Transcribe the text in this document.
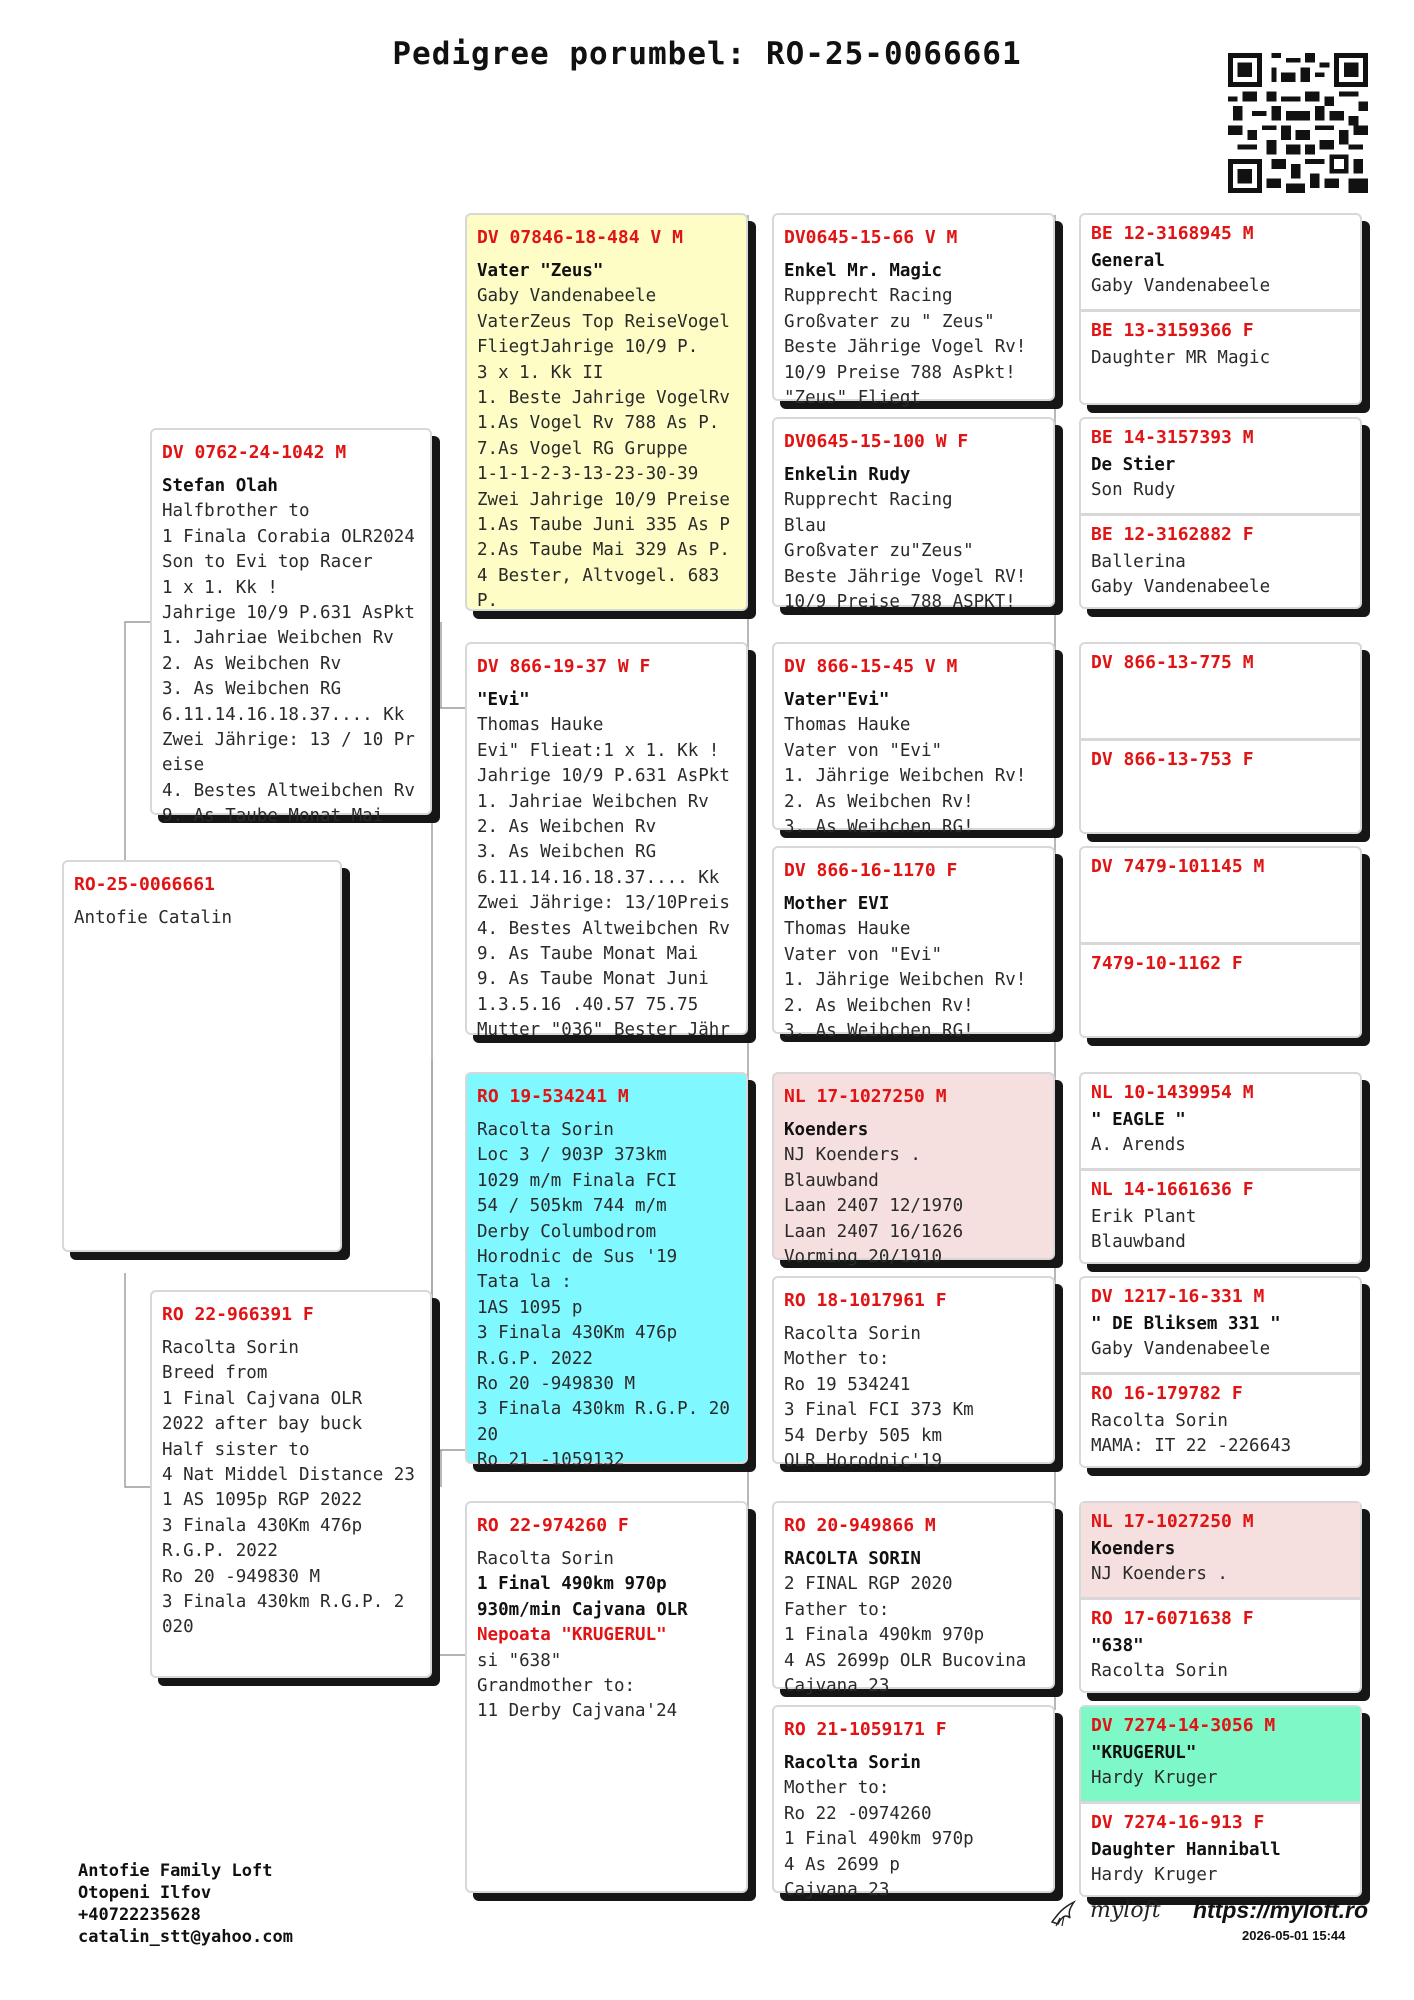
Pedigree porumbel: RO-25-0066661
RO-25-0066661
Antofie Catalin
DV 0762-24-1042 M
Stefan Olah
Halfbrother to
1 Finala Corabia OLR2024
Son to Evi top Racer
1 x 1. Kk !
Jahrige 10/9 P.631 AsPkt
1. Jahriae Weibchen Rv
2. As Weibchen Rv
3. As Weibchen RG
6.11.14.16.18.37.... Kk
Zwei Jährige: 13 / 10 Pr
eise
4. Bestes Altweibchen Rv
9. As Taube Monat Mai
RO 22-966391 F
Racolta Sorin
Breed from
1 Final Cajvana OLR
2022 after bay buck
Half sister to
4 Nat Middel Distance 23
1 AS 1095p RGP 2022
3 Finala 430Km 476p
R.G.P. 2022
Ro 20 -949830 M
3 Finala 430km R.G.P. 2
020
DV 07846-18-484 V M
Vater "Zeus"
Gaby Vandenabeele
VaterZeus Top ReiseVogel
FliegtJahrige 10/9 P.
3 x 1. Kk II
1. Beste Jahrige VogelRv
1.As Vogel Rv 788 As P.
7.As Vogel RG Gruppe
1-1-1-2-3-13-23-30-39
Zwei Jahrige 10/9 Preise
1.As Taube Juni 335 As P
2.As Taube Mai 329 As P.
4 Bester, Altvogel. 683
P.
DV 866-19-37 W F
"Evi"
Thomas Hauke
Evi" Flieat:1 x 1. Kk !
Jahrige 10/9 P.631 AsPkt
1. Jahriae Weibchen Rv
2. As Weibchen Rv
3. As Weibchen RG
6.11.14.16.18.37.... Kk
Zwei Jährige: 13/10Preis
4. Bestes Altweibchen Rv
9. As Taube Monat Mai
9. As Taube Monat Juni
1.3.5.16 .40.57 75.75
Mutter "036" Bester Jähr
RO 19-534241 M
Racolta Sorin
Loc 3 / 903P 373km
1029 m/m Finala FCI
54 / 505km 744 m/m
Derby Columbodrom
Horodnic de Sus '19
Tata la :
1AS 1095 p
3 Finala 430Km 476p
R.G.P. 2022
Ro 20 -949830 M
3 Finala 430km R.G.P. 20
20
Ro 21 -1059132
RO 22-974260 F
Racolta Sorin
1 Final 490km 970p
930m/min Cajvana OLR
Nepoata "KRUGERUL"
si "638"
Grandmother to:
11 Derby Cajvana'24
DV0645-15-66 V M
Enkel Mr. Magic
Rupprecht Racing
Großvater zu " Zeus"
Beste Jährige Vogel Rv!
10/9 Preise 788 AsPkt!
"Zeus" Fliegt
DV0645-15-100 W F
Enkelin Rudy
Rupprecht Racing
Blau
Großvater zu"Zeus"
Beste Jährige Vogel RV!
10/9 Preise 788 ASPKT!
DV 866-15-45 V M
Vater"Evi"
Thomas Hauke
Vater von "Evi"
1. Jährige Weibchen Rv!
2. As Weibchen Rv!
3. As Weibchen RG!
DV 866-16-1170 F
Mother EVI
Thomas Hauke
Vater von "Evi"
1. Jährige Weibchen Rv!
2. As Weibchen Rv!
3. As Weibchen RG!
NL 17-1027250 M
Koenders
NJ Koenders .
Blauwband
Laan 2407 12/1970
Laan 2407 16/1626
Vorming 20/1910
RO 18-1017961 F
Racolta Sorin
Mother to:
Ro 19 534241
3 Final FCI 373 Km
54 Derby 505 km
OLR Horodnic'19
RO 20-949866 M
RACOLTA SORIN
2 FINAL RGP 2020
Father to:
1 Finala 490km 970p
4 AS 2699p OLR Bucovina
Cajvana 23
RO 21-1059171 F
Racolta Sorin
Mother to:
Ro 22 -0974260
1 Final 490km 970p
4 As 2699 p
Cajvana 23
BE 12-3168945 M
General
Gaby Vandenabeele
BE 13-3159366 F
Daughter MR Magic
BE 14-3157393 M
De Stier
Son Rudy
BE 12-3162882 F
Ballerina
Gaby Vandenabeele
DV 866-13-775 M
DV 866-13-753 F
DV 7479-101145 M
7479-10-1162 F
NL 10-1439954 M
" EAGLE "
A. Arends
NL 14-1661636 F
Erik Plant
Blauwband
DV 1217-16-331 M
" DE Bliksem 331 "
Gaby Vandenabeele
RO 16-179782 F
Racolta Sorin
MAMA: IT 22 -226643
NL 17-1027250 M
Koenders
NJ Koenders .
RO 17-6071638 F
"638"
Racolta Sorin
DV 7274-14-3056 M
"KRUGERUL"
Hardy Kruger
DV 7274-16-913 F
Daughter Hanniball
Hardy Kruger
Antofie Family Loft
Otopeni Ilfov
+40722235628
catalin_stt@yahoo.com
myloft https://myloft.ro
2026-05-01 15:44
